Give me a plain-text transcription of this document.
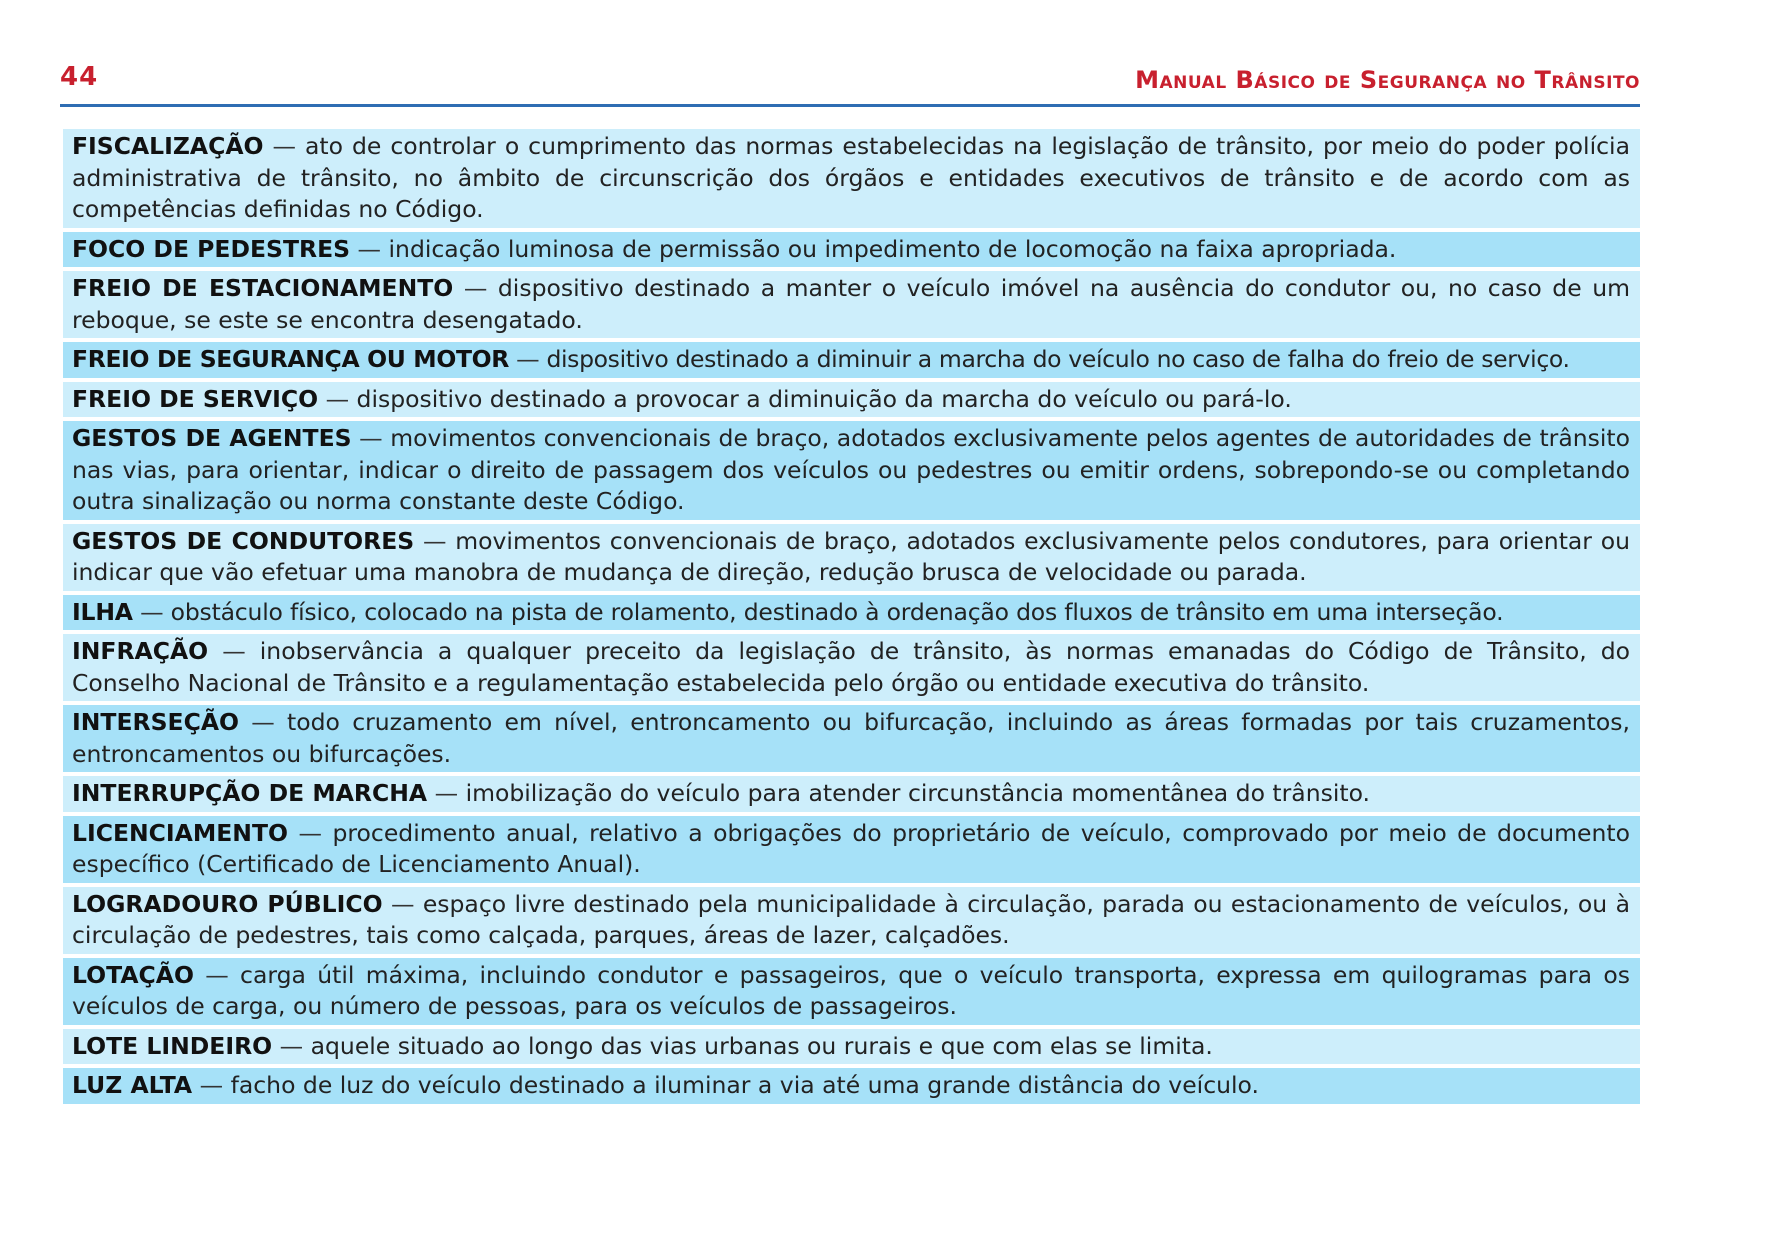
44	Manual Básico de Segurança no Trânsito
FISCALIZAÇÃO — ato de controlar o cumprimento das normas estabelecidas na legislação de trânsito, por meio do poder polícia administrativa de trânsito, no âmbito de circunscrição dos órgãos e entidades executivos de trânsito e de acordo com as competências definidas no Código.
FOCO DE PEDESTRES — indicação luminosa de permissão ou impedimento de locomoção na faixa apropriada.
FREIO DE ESTACIONAMENTO — dispositivo destinado a manter o veículo imóvel na ausência do condutor ou, no caso de um reboque, se este se encontra desengatado.
FREIO DE SEGURANÇA OU MOTOR — dispositivo destinado a diminuir a marcha do veículo no caso de falha do freio de serviço.
FREIO DE SERVIÇO — dispositivo destinado a provocar a diminuição da marcha do veículo ou pará-lo.
GESTOS DE AGENTES — movimentos convencionais de braço, adotados exclusivamente pelos agentes de autoridades de trânsito nas vias, para orientar, indicar o direito de passagem dos veículos ou pedestres ou emitir ordens, sobrepondo-se ou completando outra sinalização ou norma constante deste Código.
GESTOS DE CONDUTORES — movimentos convencionais de braço, adotados exclusivamente pelos condutores, para orientar ou indicar que vão efetuar uma manobra de mudança de direção, redução brusca de velocidade ou parada.
ILHA — obstáculo físico, colocado na pista de rolamento, destinado à ordenação dos fluxos de trânsito em uma interseção.
INFRAÇÃO — inobservância a qualquer preceito da legislação de trânsito, às normas emanadas do Código de Trânsito, do Conselho Nacional de Trânsito e a regulamentação estabelecida pelo órgão ou entidade executiva do trânsito.
INTERSEÇÃO — todo cruzamento em nível, entroncamento ou bifurcação, incluindo as áreas formadas por tais cruzamentos, entroncamentos ou bifurcações.
INTERRUPÇÃO DE MARCHA — imobilização do veículo para atender circunstância momentânea do trânsito.
LICENCIAMENTO — procedimento anual, relativo a obrigações do proprietário de veículo, comprovado por meio de documento específico (Certificado de Licenciamento Anual).
LOGRADOURO PÚBLICO — espaço livre destinado pela municipalidade à circulação, parada ou estacionamento de veículos, ou à circulação de pedestres, tais como calçada, parques, áreas de lazer, calçadões.
LOTAÇÃO — carga útil máxima, incluindo condutor e passageiros, que o veículo transporta, expressa em quilogramas para os veículos de carga, ou número de pessoas, para os veículos de passageiros.
LOTE LINDEIRO — aquele situado ao longo das vias urbanas ou rurais e que com elas se limita.
LUZ ALTA — facho de luz do veículo destinado a iluminar a via até uma grande distância do veículo.
